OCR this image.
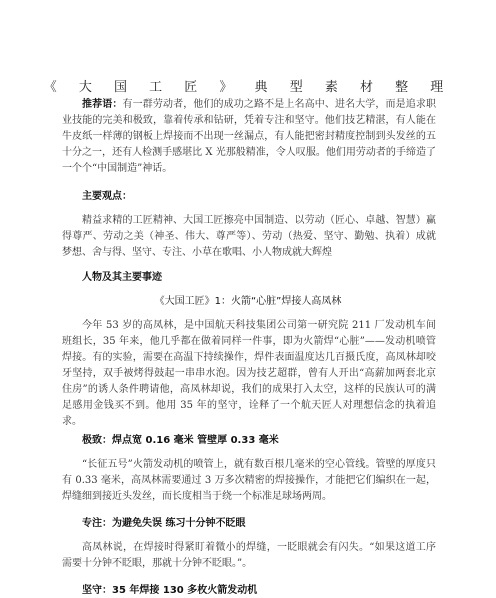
《 大 国 工 匠 》 典 型 素 材 整 理
推荐语：有一群劳动者，他们的成功之路不是上名高中、进名大学，而是追求职业技能的完美和极致，靠着传承和钻研，凭着专注和坚守。他们技艺精湛，有人能在牛皮纸一样薄的钢板上焊接而不出现一丝漏点，有人能把密封精度控制到头发丝的五十分之一，还有人检测手感堪比 X 光那般精准，令人叹服。他们用劳动者的手缔造了一个个“中国制造”神话。
主要观点：
精益求精的工匠精神、大国工匠擦亮中国制造、以劳动（匠心、卓越、智慧）赢得尊严、劳动之美（神圣、伟大、尊严等）、劳动（热爱、坚守、勤勉、执着）成就梦想、舍与得、坚守、专注、小草在歌唱、小人物成就大辉煌
人物及其主要事迹
《大国工匠》1：火箭“心脏”焊接人高凤林
今年 53 岁的高凤林，是中国航天科技集团公司第一研究院 211 厂发动机车间班组长，35 年来，他几乎都在做着同样一件事，即为火箭焊“心脏”——发动机喷管焊接。有的实验，需要在高温下持续操作，焊件表面温度达几百摄氏度，高凤林却咬牙坚持，双手被烤得鼓起一串串水泡。因为技艺超群，曾有人开出“高薪加两套北京住房”的诱人条件聘请他，高凤林却说，我们的成果打入太空，这样的民族认可的满足感用金钱买不到。他用 35 年的坚守，诠释了一个航天匠人对理想信念的执着追求。
极致：焊点宽 0.16 毫米 管壁厚 0.33 毫米
“长征五号”火箭发动机的喷管上，就有数百根几毫米的空心管线。管壁的厚度只有 0.33 毫米，高凤林需要通过 3 万多次精密的焊接操作，才能把它们编织在一起，焊缝细到接近头发丝，而长度相当于绕一个标准足球场两周。
专注：为避免失误 练习十分钟不眨眼
高凤林说，在焊接时得紧盯着微小的焊缝，一眨眼就会有闪失。“如果这道工序需要十分钟不眨眼，那就十分钟不眨眼。”。
坚守：35 年焊接 130 多枚火箭发动机
